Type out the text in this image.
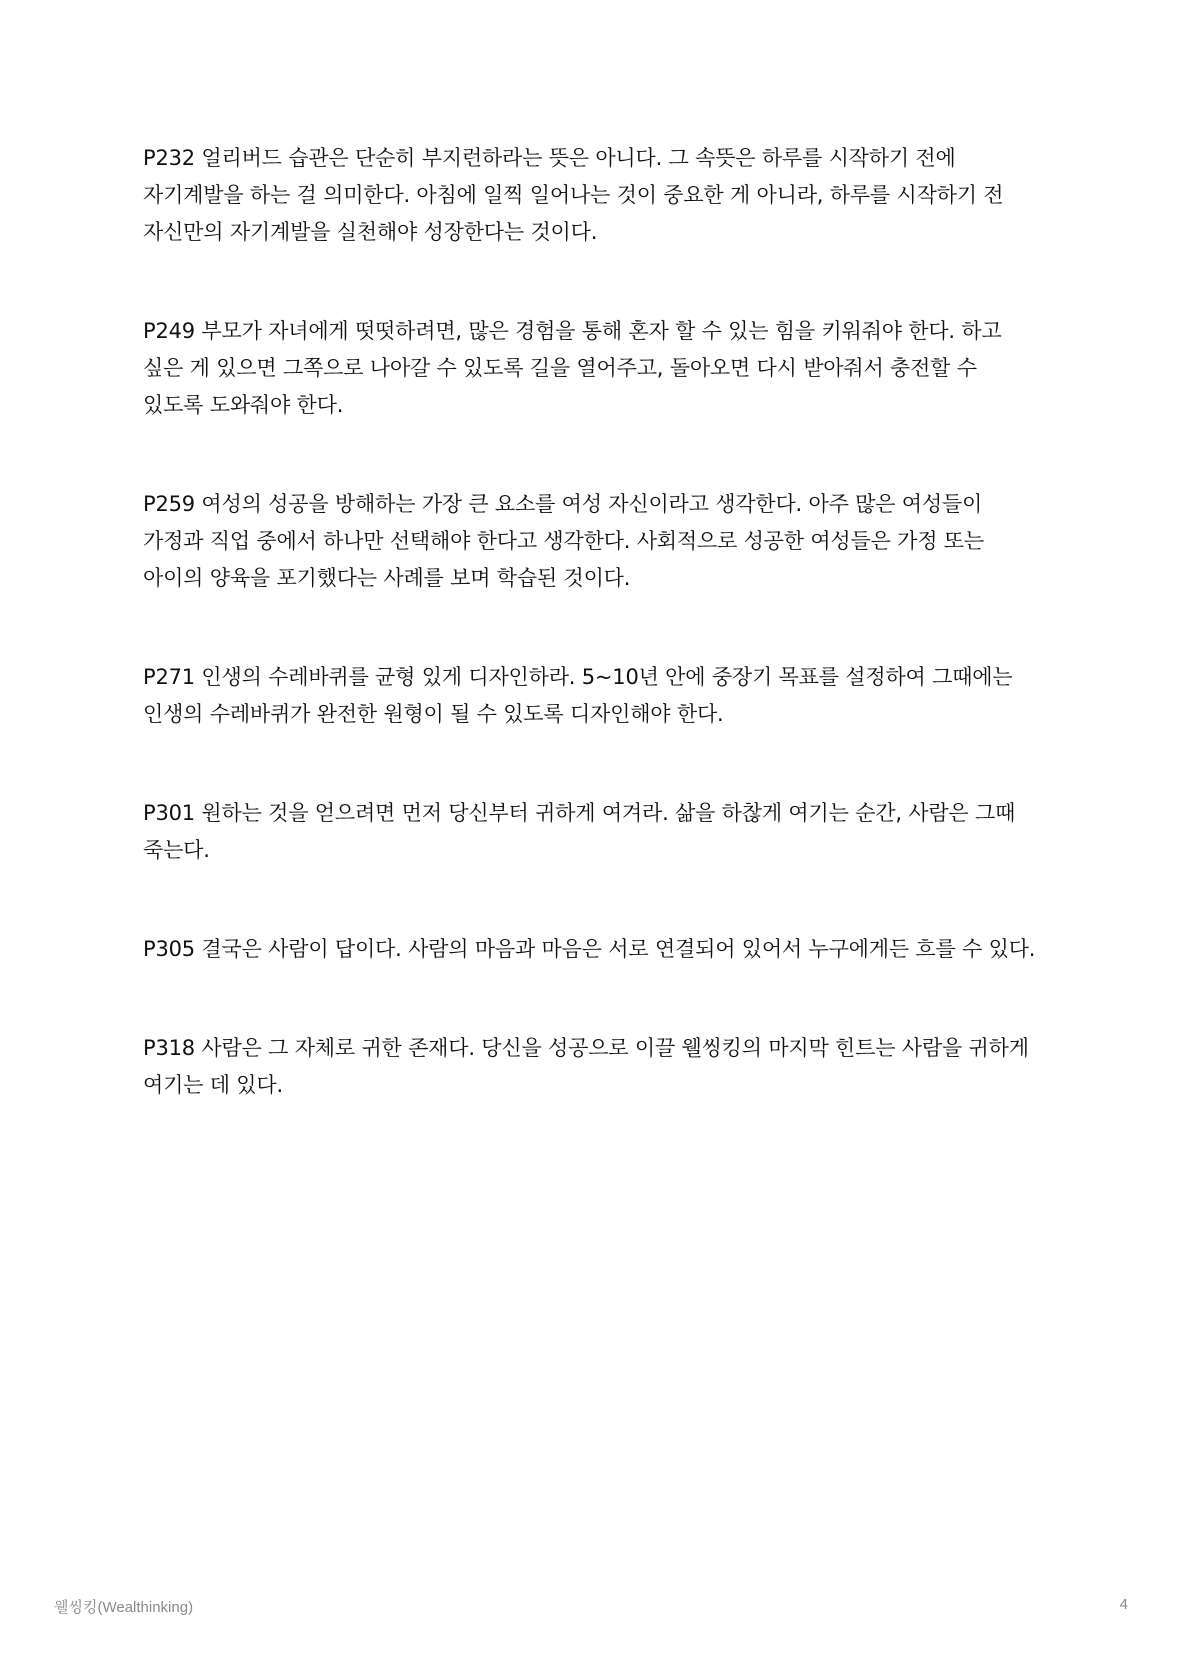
P232 얼리버드 습관은 단순히 부지런하라는 뜻은 아니다. 그 속뜻은 하루를 시작하기 전에 자기계발을 하는 걸 의미한다. 아침에 일찍 일어나는 것이 중요한 게 아니라, 하루를 시작하기 전 자신만의 자기계발을 실천해야 성장한다는 것이다.

P249 부모가 자녀에게 떳떳하려면, 많은 경험을 통해 혼자 할 수 있는 힘을 키워줘야 한다. 하고 싶은 게 있으면 그쪽으로 나아갈 수 있도록 길을 열어주고, 돌아오면 다시 받아줘서 충전할 수 있도록 도와줘야 한다.

P259 여성의 성공을 방해하는 가장 큰 요소를 여성 자신이라고 생각한다. 아주 많은 여성들이 가정과 직업 중에서 하나만 선택해야 한다고 생각한다. 사회적으로 성공한 여성들은 가정 또는 아이의 양육을 포기했다는 사례를 보며 학습된 것이다.

P271 인생의 수레바퀴를 균형 있게 디자인하라. 5~10년 안에 중장기 목표를 설정하여 그때에는 인생의 수레바퀴가 완전한 원형이 될 수 있도록 디자인해야 한다.

P301 원하는 것을 얻으려면 먼저 당신부터 귀하게 여겨라. 삶을 하찮게 여기는 순간, 사람은 그때 죽는다.

P305 결국은 사람이 답이다. 사람의 마음과 마음은 서로 연결되어 있어서 누구에게든 흐를 수 있다.

P318 사람은 그 자체로 귀한 존재다. 당신을 성공으로 이끌 웰씽킹의 마지막 힌트는 사람을 귀하게 여기는 데 있다.

웰씽킹(Wealthinking)	4
